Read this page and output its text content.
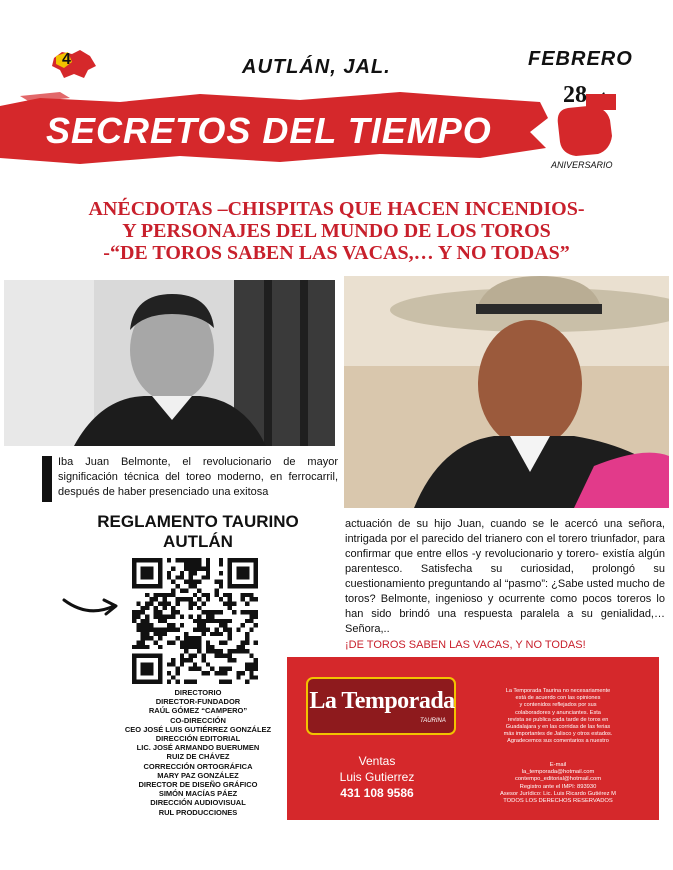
4	AUTLÁN, JAL.	FEBRERO
SECRETOS DEL TIEMPO
28
ANIVERSARIO
ANÉCDOTAS –CHISPITAS QUE HACEN INCENDIOS-
Y PERSONAJES DEL MUNDO DE LOS TOROS
-“DE TOROS SABEN LAS VACAS,… Y NO TODAS”

Iba Juan Belmonte, el revolucionario de mayor significación técnica del toreo moderno, en ferrocarril, después de haber presenciado una exitosa

REGLAMENTO TAURINO
AUTLÁN
DIRECTORIO
DIRECTOR-FUNDADOR
RAÚL GÓMEZ “CAMPERO”
CO-DIRECCIÓN
CEO JOSÉ LUIS GUTIÉRREZ GONZÁLEZ
DIRECCIÓN EDITORIAL
LIC. JOSÉ ARMANDO BUERUMEN
RUIZ DE CHÁVEZ
CORRECCIÓN ORTOGRÁFICA
MARY PAZ GONZÁLEZ
DIRECTOR DE DISEÑO GRÁFICO
SIMÓN MACÍAS PÁEZ
DIRECCIÓN AUDIOVISUAL
RUL PRODUCCIONES

actuación de su hijo Juan, cuando se le acercó una señora, intrigada por el parecido del trianero con el torero triunfador, para confirmar que entre ellos -y revolucionario y torero- existía algún parentesco. Satisfecha su curiosidad, prolongó su cuestionamiento preguntando al “pasmo”: ¿Sabe usted mucho de toros? Belmonte, ingenioso y ocurrente como pocos toreros lo han sido brindó una respuesta paralela a su genialidad,…Señora,..

¡DE TOROS SABEN LAS VACAS, Y NO TODAS!

La Temporada
TAURINA
Ventas
Luis Gutierrez
431 108 9586
La Temporada Taurina no necesariamente
está de acuerdo con las opiniones
y contenidos reflejados por sus
colaboradores y anunciantes. Esta
revista se publica cada tarde de toros en
Guadalajara y en las corridas de las ferias
más importantes de Jalisco y otros estados.
Agradecemos sus comentarios a nuestro
E-mail
la_temporada@hotmail.com
contempo_editorial@hotmail.com
Registro ante el IMPI: 893930
Asesor Jurídico: Lic. Luis Ricardo Gutiérez M
TODOS LOS DERECHOS RESERVADOS
